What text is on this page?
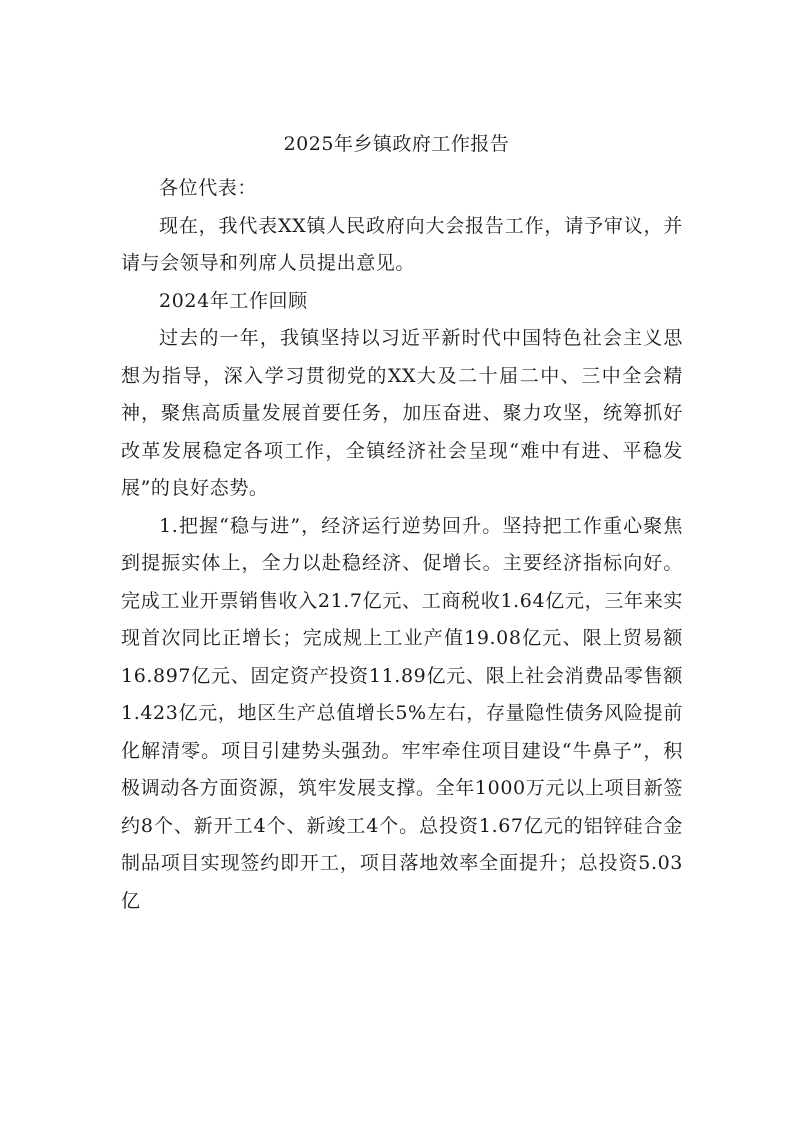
2025年乡镇政府工作报告

各位代表：

现在，我代表XX镇人民政府向大会报告工作，请予审议，并请与会领导和列席人员提出意见。

2024年工作回顾

过去的一年，我镇坚持以习近平新时代中国特色社会主义思想为指导，深入学习贯彻党的XX大及二十届二中、三中全会精神，聚焦高质量发展首要任务，加压奋进、聚力攻坚，统筹抓好改革发展稳定各项工作，全镇经济社会呈现“难中有进、平稳发展”的良好态势。

1.把握“稳与进”，经济运行逆势回升。坚持把工作重心聚焦到提振实体上，全力以赴稳经济、促增长。主要经济指标向好。完成工业开票销售收入21.7亿元、工商税收1.64亿元，三年来实现首次同比正增长；完成规上工业产值19.08亿元、限上贸易额16.897亿元、固定资产投资11.89亿元、限上社会消费品零售额1.423亿元，地区生产总值增长5%左右，存量隐性债务风险提前化解清零。项目引建势头强劲。牢牢牵住项目建设“牛鼻子”，积极调动各方面资源，筑牢发展支撑。全年1000万元以上项目新签约8个、新开工4个、新竣工4个。总投资1.67亿元的铝锌硅合金制品项目实现签约即开工，项目落地效率全面提升；总投资5.03亿
